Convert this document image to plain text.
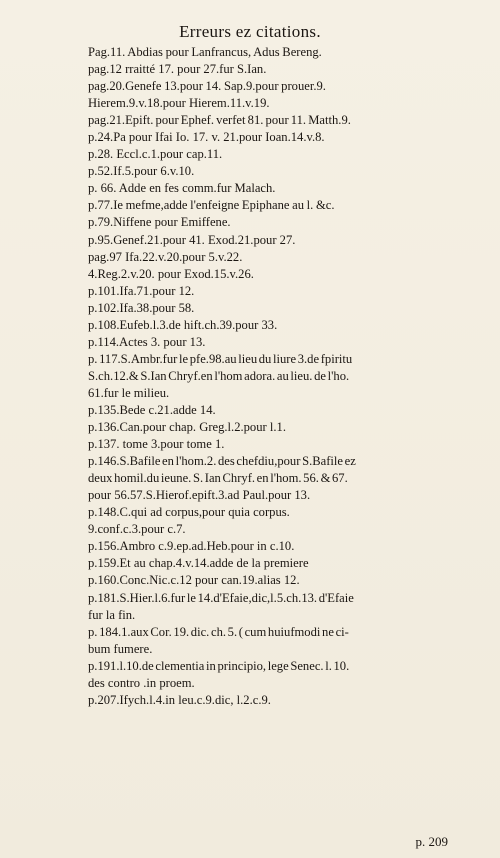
Erreurs ez citations.
Pag.11. Abdias pour Lanfrancus, Adus Bereng.
pag.12 rraitté 17. pour 27.fur S.Ian.
pag.20.Genefe 13.pour 14. Sap.9.pour prouer.9.
Hierem.9.v.18.pour Hierem.11.v.19.
pag.21.Epift. pour Ephef. verfet 81. pour 11. Matth.9.
p.24.Pa pour Ifai Io. 17. v. 21.pour Ioan.14.v.8.
p.28. Eccl.c.1.pour cap.11.
p.52.If.5.pour 6.v.10.
p. 66. Adde en fes comm.fur Malach.
p.77.Ie mefme,adde l'enfeigne Epiphane au l. &c.
p.79.Niffene pour Emiffene.
p.95.Genef.21.pour 41. Exod.21.pour 27.
pag.97 Ifa.22.v.20.pour 5.v.22.
4.Reg.2.v.20. pour Exod.15.v.26.
p.101.Ifa.71.pour 12.
p.102.Ifa.38.pour 58.
p.108.Eufeb.l.3.de hift.ch.39.pour 33.
p.114.Actes 3. pour 13.
p. 117.S.Ambr.fur le pfe.98.au lieu du liure 3.de fpiritu
S.ch.12.& S.Ian Chryf.en l'hom adora. au lieu. de l'ho.
61.fur le milieu.
p.135.Bede c.21.adde 14.
p.136.Can.pour chap. Greg.l.2.pour l.1.
p.137. tome 3.pour tome 1.
p.146.S.Bafile en l'hom.2. des chefdiu,pour S.Bafile ez
deux homil.du ieune. S. Ian Chryf. en l'hom. 56. & 67.
pour 56.57.S.Hierof.epift.3.ad Paul.pour 13.
p.148.C.qui ad corpus,pour quia corpus.
9.conf.c.3.pour c.7.
p.156.Ambro c.9.ep.ad.Heb.pour in c.10.
p.159.Et au chap.4.v.14.adde de la premiere
p.160.Conc.Nic.c.12 pour can.19.alias 12.
p.181.S.Hier.l.6.fur le 14.d'Efaie,dic,l.5.ch.13. d'Efaie
fur la fin.
p. 184.1.aux Cor. 19. dic. ch. 5. ( cum huiufmodi ne ci-
bum fumere.
p.191.l.10.de clementia in principio, lege Senec. l. 10.
des contro .in proem.
p.207.Ifych.l.4.in leu.c.9.dic, l.2.c.9.
p. 209
